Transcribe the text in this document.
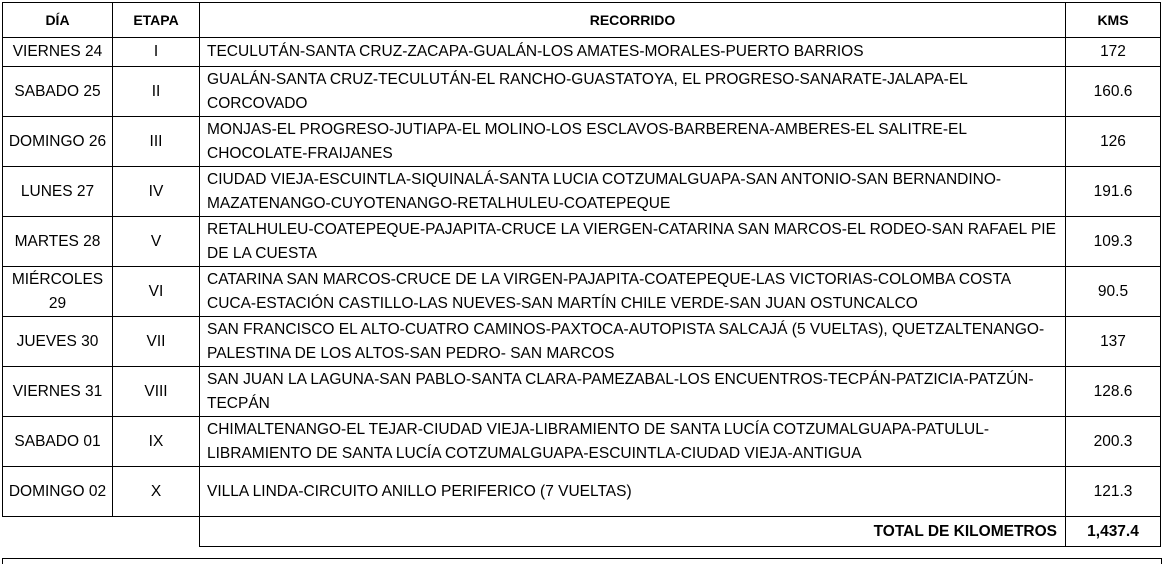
DÍA	ETAPA	RECORRIDO	KMS
VIERNES 24	I	TECULUTÁN-SANTA CRUZ-ZACAPA-GUALÁN-LOS AMATES-MORALES-PUERTO BARRIOS	172
SABADO 25	II	GUALÁN-SANTA CRUZ-TECULUTÁN-EL RANCHO-GUASTATOYA, EL PROGRESO-SANARATE-JALAPA-EL CORCOVADO	160.6
DOMINGO 26	III	MONJAS-EL PROGRESO-JUTIAPA-EL MOLINO-LOS ESCLAVOS-BARBERENA-AMBERES-EL SALITRE-EL CHOCOLATE-FRAIJANES	126
LUNES 27	IV	CIUDAD VIEJA-ESCUINTLA-SIQUINALÁ-SANTA LUCIA COTZUMALGUAPA-SAN ANTONIO-SAN BERNANDINO-MAZATENANGO-CUYOTENANGO-RETALHULEU-COATEPEQUE	191.6
MARTES 28	V	RETALHULEU-COATEPEQUE-PAJAPITA-CRUCE LA VIERGEN-CATARINA SAN MARCOS-EL RODEO-SAN RAFAEL PIE DE LA CUESTA	109.3
MIÉRCOLES 29	VI	CATARINA SAN MARCOS-CRUCE DE LA VIRGEN-PAJAPITA-COATEPEQUE-LAS VICTORIAS-COLOMBA COSTA CUCA-ESTACIÓN CASTILLO-LAS NUEVES-SAN MARTÍN CHILE VERDE-SAN JUAN OSTUNCALCO	90.5
JUEVES 30	VII	SAN FRANCISCO EL ALTO-CUATRO CAMINOS-PAXTOCA-AUTOPISTA SALCAJÁ (5 VUELTAS), QUETZALTENANGO-PALESTINA DE LOS ALTOS-SAN PEDRO- SAN MARCOS	137
VIERNES 31	VIII	SAN JUAN LA LAGUNA-SAN PABLO-SANTA CLARA-PAMEZABAL-LOS ENCUENTROS-TECPÁN-PATZICIA-PATZÚN-TECPÁN	128.6
SABADO 01	IX	CHIMALTENANGO-EL TEJAR-CIUDAD VIEJA-LIBRAMIENTO DE SANTA LUCÍA COTZUMALGUAPA-PATULUL-LIBRAMIENTO DE SANTA LUCÍA COTZUMALGUAPA-ESCUINTLA-CIUDAD VIEJA-ANTIGUA	200.3
DOMINGO 02	X	VILLA LINDA-CIRCUITO ANILLO PERIFERICO (7 VUELTAS)	121.3
		TOTAL DE KILOMETROS	1,437.4
